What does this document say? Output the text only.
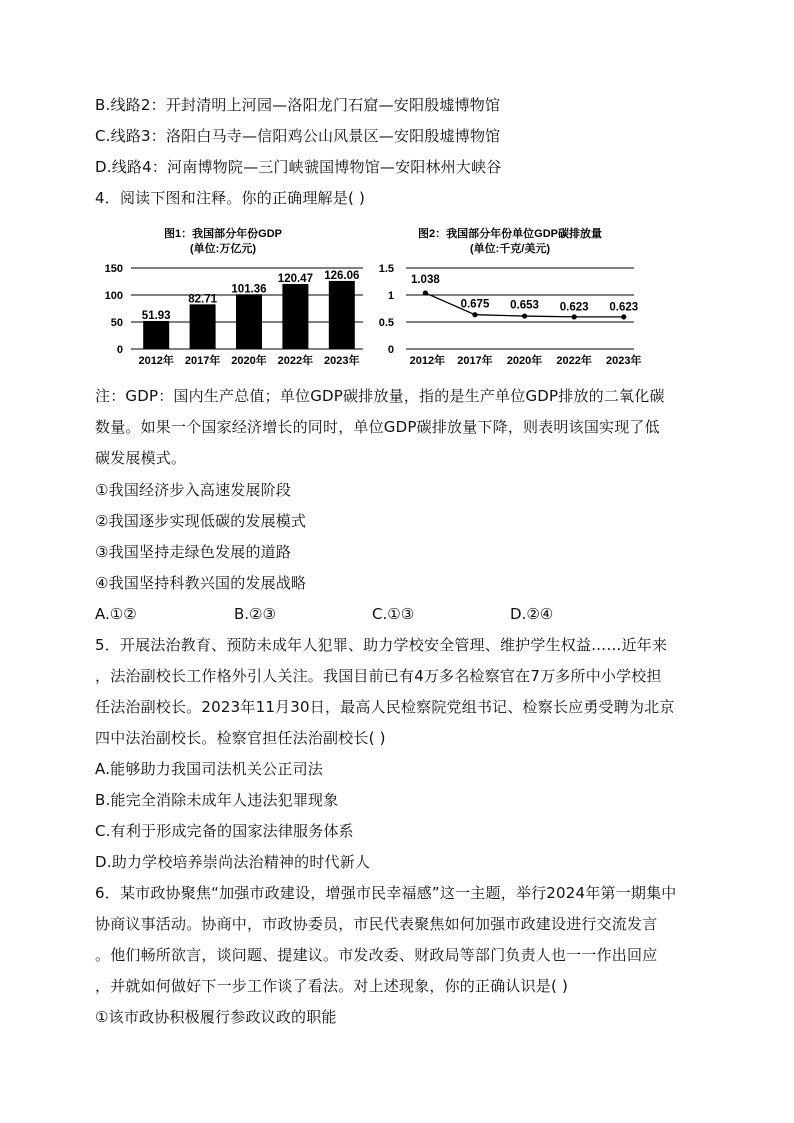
B.线路2：开封清明上河园—洛阳龙门石窟—安阳殷墟博物馆
C.线路3：洛阳白马寺—信阳鸡公山风景区—安阳殷墟博物馆
D.线路4：河南博物院—三门峡虢国博物馆—安阳林州大峡谷
4．阅读下图和注释。你的正确理解是( )
图1：我国部分年份GDP
(单位:万亿元)
0
50
100
150
51.93
82.71
101.36
120.47 126.06
2012年 2017年 2020年 2022年 2023年
图2：我国部分年份单位GDP碳排放量
(单位:千克/美元)
0
0.5
1
1.5
1.038
0.675 0.653 0.623 0.623
2012年 2017年 2020年 2022年 2023年
注：GDP：国内生产总值；单位GDP碳排放量，指的是生产单位GDP排放的二氧化碳
数量。如果一个国家经济增长的同时，单位GDP碳排放量下降，则表明该国实现了低
碳发展模式。
①我国经济步入高速发展阶段
②我国逐步实现低碳的发展模式
③我国坚持走绿色发展的道路
④我国坚持科教兴国的发展战略
A.①②	B.②③	C.①③	D.②④
5．开展法治教育、预防未成年人犯罪、助力学校安全管理、维护学生权益……近年来
，法治副校长工作格外引人关注。我国目前已有4万多名检察官在7万多所中小学校担
任法治副校长。2023年11月30日，最高人民检察院党组书记、检察长应勇受聘为北京
四中法治副校长。检察官担任法治副校长( )
A.能够助力我国司法机关公正司法
B.能完全消除未成年人违法犯罪现象
C.有利于形成完备的国家法律服务体系
D.助力学校培养崇尚法治精神的时代新人
6．某市政协聚焦“加强市政建设，增强市民幸福感”这一主题，举行2024年第一期集中
协商议事活动。协商中，市政协委员，市民代表聚焦如何加强市政建设进行交流发言
。他们畅所欲言，谈问题、提建议。市发改委、财政局等部门负责人也一一作出回应
，并就如何做好下一步工作谈了看法。对上述现象，你的正确认识是( )
①该市政协积极履行参政议政的职能
